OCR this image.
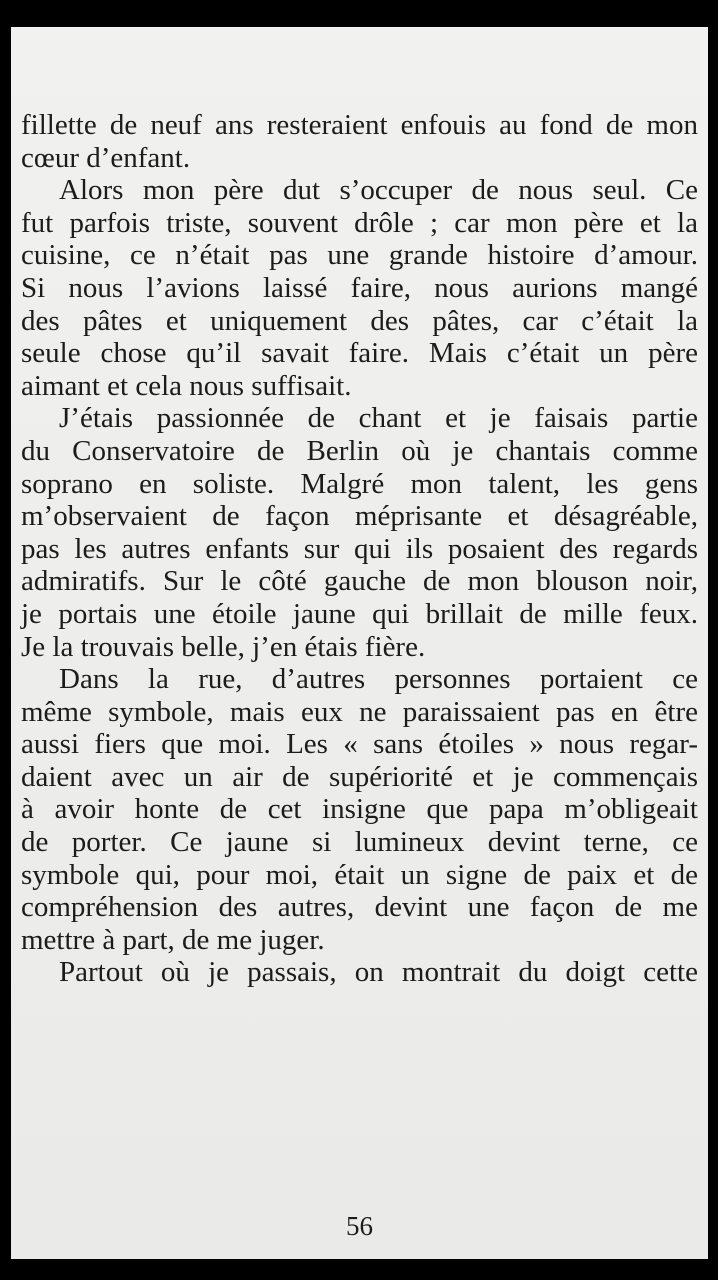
fillette de neuf ans resteraient enfouis au fond de mon
cœur d’enfant.

Alors mon père dut s’occuper de nous seul. Ce
fut parfois triste, souvent drôle ; car mon père et la
cuisine, ce n’était pas une grande histoire d’amour.
Si nous l’avions laissé faire, nous aurions mangé
des pâtes et uniquement des pâtes, car c’était la
seule chose qu’il savait faire. Mais c’était un père
aimant et cela nous suffisait.

J’étais passionnée de chant et je faisais partie
du Conservatoire de Berlin où je chantais comme
soprano en soliste. Malgré mon talent, les gens
m’observaient de façon méprisante et désagréable,
pas les autres enfants sur qui ils posaient des regards
admiratifs. Sur le côté gauche de mon blouson noir,
je portais une étoile jaune qui brillait de mille feux.
Je la trouvais belle, j’en étais fière.

Dans la rue, d’autres personnes portaient ce
même symbole, mais eux ne paraissaient pas en être
aussi fiers que moi. Les « sans étoiles » nous regar-
daient avec un air de supériorité et je commençais
à avoir honte de cet insigne que papa m’obligeait
de porter. Ce jaune si lumineux devint terne, ce
symbole qui, pour moi, était un signe de paix et de
compréhension des autres, devint une façon de me
mettre à part, de me juger.

Partout où je passais, on montrait du doigt cette

56
